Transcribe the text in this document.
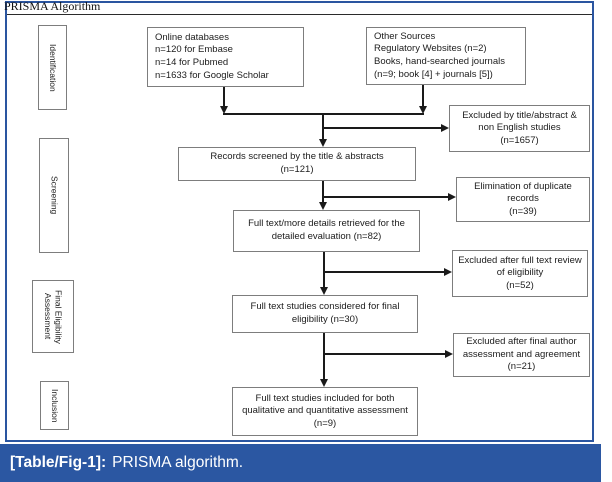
PRISMA Algorithm
Identification
Screening
Final Eligibility Assessment
Inclusion
Online databases
n=120 for Embase
n=14 for Pubmed
n=1633 for Google Scholar
Other Sources
Regulatory Websites (n=2)
Books, hand-searched journals
(n=9; book [4] + journals [5])
Records screened by the title & abstracts
(n=121)
Full text/more details retrieved for the
detailed evaluation (n=82)
Full text studies considered for final
eligibility (n=30)
Full text studies included for both
qualitative and quantitative assessment
(n=9)
Excluded by title/abstract &
non English studies
(n=1657)
Elimination of duplicate
records
(n=39)
Excluded after full text review
of eligibility
(n=52)
Excluded after final author
assessment and agreement
(n=21)
[Table/Fig-1]: PRISMA algorithm.
